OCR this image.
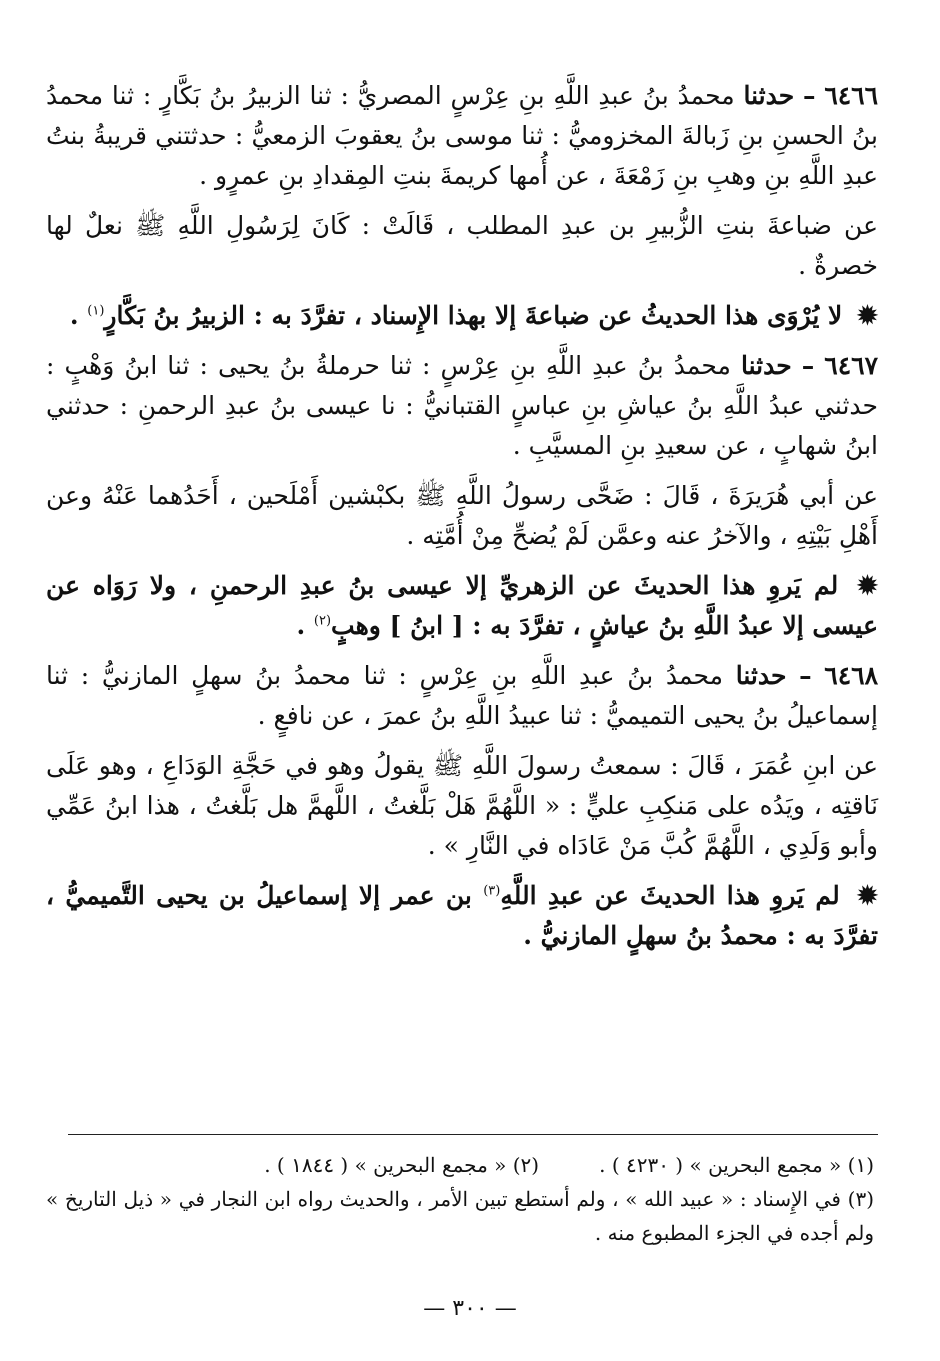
٦٤٦٦ – حدثنا محمدُ بنُ عبدِ اللَّهِ بنِ عِرْسٍ المصريُّ : ثنا الزبيرُ بنُ بَكَّارٍ : ثنا محمدُ بنُ الحسنِ بنِ زَبالةَ المخزوميُّ : ثنا موسى بنُ يعقوبَ الزمعيُّ : حدثتني قريبةُ بنتُ عبدِ اللَّهِ بنِ وهبِ بنِ زَمْعَةَ ، عن أُمها كريمةَ بنتِ المِقدادِ بنِ عمرٍو .

عن ضباعةَ بنتِ الزُّبيرِ بن عبدِ المطلب ، قَالَتْ : كَانَ لِرَسُولِ اللَّهِ ﷺ نعلٌ لها خصرةٌ .

✹ لا يُرْوَى هذا الحديثُ عن ضباعةَ إلا بهذا الإِسناد ، تفرَّدَ به : الزبيرُ بنُ بَكَّارٍ$^{(١)}$ .

٦٤٦٧ – حدثنا محمدُ بنُ عبدِ اللَّهِ بنِ عِرْسٍ : ثنا حرملةُ بنُ يحيى : ثنا ابنُ وَهْبٍ : حدثني عبدُ اللَّهِ بنُ عياشِ بنِ عباسٍ القتبانيُّ : نا عيسى بنُ عبدِ الرحمنِ : حدثني ابنُ شهابٍ ، عن سعيدِ بنِ المسيَّبِ .

عن أبي هُرَيرَةَ ، قَالَ : ضَحَّى رسولُ اللَّهِ ﷺ بكبْشين أَمْلَحين ، أَحَدُهما عَنْهُ وعن أَهْلِ بَيْتِهِ ، والآخرُ عنه وعمَّن لَمْ يُضحِّ مِنْ أُمَّتِه .

✹ لم يَروِ هذا الحديثَ عن الزهريِّ إلا عيسى بنُ عبدِ الرحمنِ ، ولا رَوَاه عن عيسى إلا عبدُ اللَّهِ بنُ عياشٍ ، تفرَّدَ به : [ ابنُ ] وهبٍ$^{(٢)}$ .

٦٤٦٨ – حدثنا محمدُ بنُ عبدِ اللَّهِ بنِ عِرْسٍ : ثنا محمدُ بنُ سهلٍ المازنيُّ : ثنا إسماعيلُ بنُ يحيى التميميُّ : ثنا عبيدُ اللَّهِ بنُ عمرَ ، عن نافعٍ .

عن ابنِ عُمَرَ ، قَالَ : سمعتُ رسولَ اللَّهِ ﷺ يقولُ وهو في حَجَّةِ الوَدَاعِ ، وهو عَلَى نَاقتِه ، ويَدُه على مَنكِبِ عليٍّ : « اللَّهُمَّ هَلْ بَلَّغتُ ، اللَّهمَّ هل بَلَّغتُ ، هذا ابنُ عَمِّي وأبو وَلَدِي ، اللَّهُمَّ كُبَّ مَنْ عَادَاه في النَّارِ » .

✹ لم يَروِ هذا الحديثَ عن عبدِ اللَّهِ$^{(٣)}$ بن عمر إلا إسماعيلُ بن يحيى التَّميميُّ ، تفرَّدَ به : محمدُ بنُ سهلٍ المازنيُّ .

(١) « مجمع البحرين » ( ٤٢٣٠ ) .

(٢) « مجمع البحرين » ( ١٨٤٤ ) .

(٣) في الإِسناد : « عبيد الله » ، ولم أستطع تبين الأمر ، والحديث رواه ابن النجار في « ذيل التاريخ » ولم أجده في الجزء المطبوع منه .

— ٣٠٠ —
